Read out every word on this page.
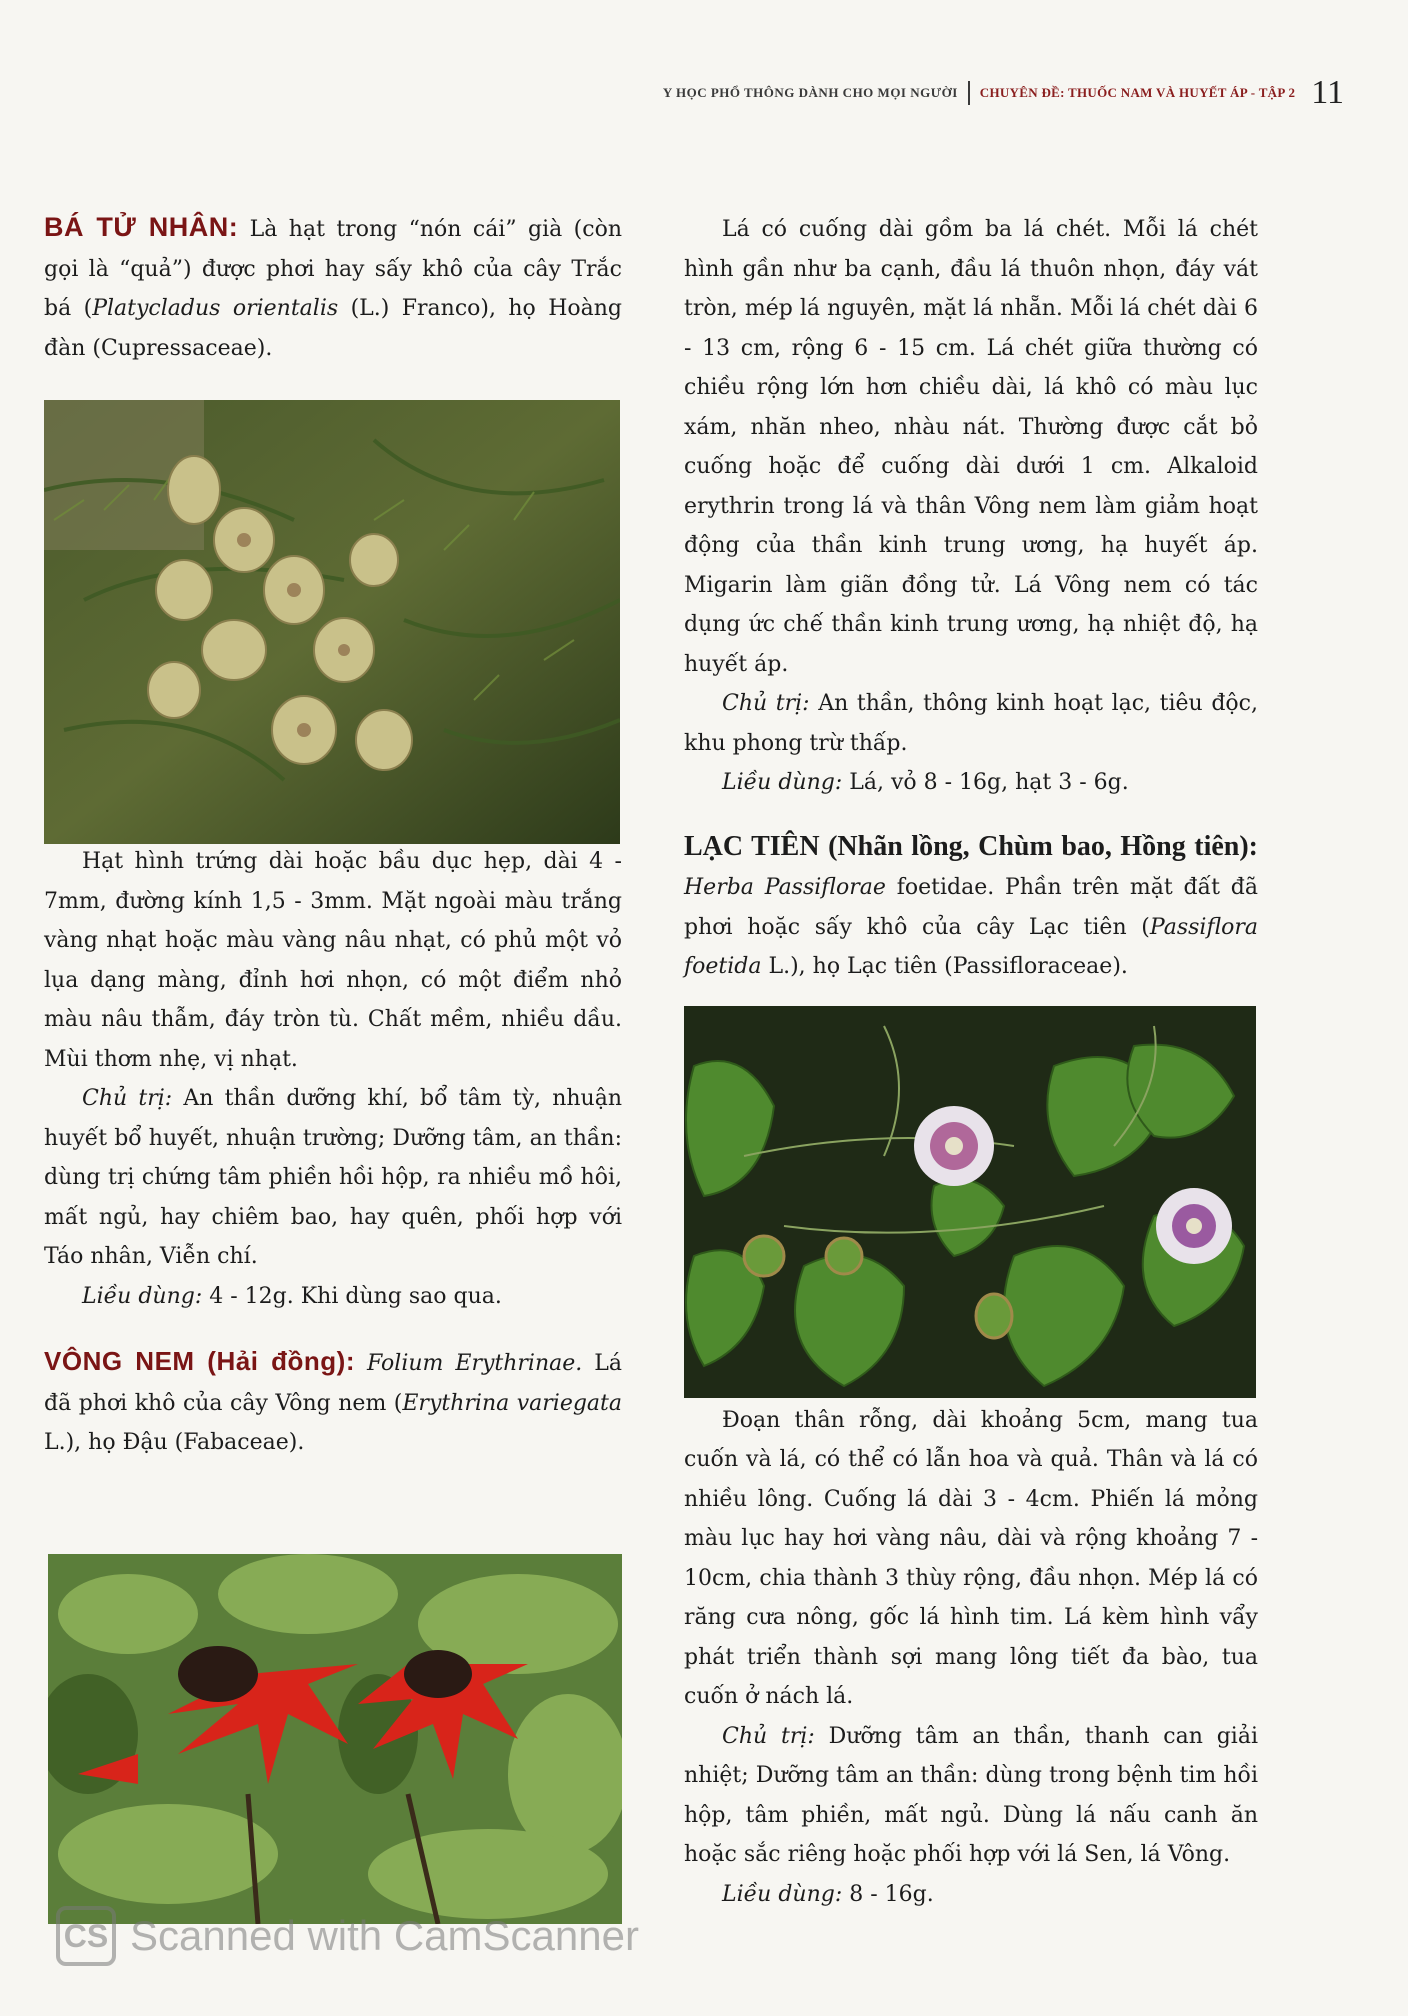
Y HỌC PHỔ THÔNG DÀNH CHO MỌI NGƯỜI CHUYÊN ĐỀ: THUỐC NAM VÀ HUYẾT ÁP - TẬP 2 11

BÁ TỬ NHÂN: Là hạt trong “nón cái” già (còn gọi là “quả”) được phơi hay sấy khô của cây Trắc bá (Platycladus orientalis (L.) Franco), họ Hoàng đàn (Cupressaceae).

Hạt hình trứng dài hoặc bầu dục hẹp, dài 4 - 7mm, đường kính 1,5 - 3mm. Mặt ngoài màu trắng vàng nhạt hoặc màu vàng nâu nhạt, có phủ một vỏ lụa dạng màng, đỉnh hơi nhọn, có một điểm nhỏ màu nâu thẫm, đáy tròn tù. Chất mềm, nhiều dầu. Mùi thơm nhẹ, vị nhạt.

Chủ trị: An thần dưỡng khí, bổ tâm tỳ, nhuận huyết bổ huyết, nhuận trường; Dưỡng tâm, an thần: dùng trị chứng tâm phiền hồi hộp, ra nhiều mồ hôi, mất ngủ, hay chiêm bao, hay quên, phối hợp với Táo nhân, Viễn chí.

Liều dùng: 4 - 12g. Khi dùng sao qua.

VÔNG NEM (Hải đồng): Folium Erythrinae. Lá đã phơi khô của cây Vông nem (Erythrina variegata L.), họ Đậu (Fabaceae).

Lá có cuống dài gồm ba lá chét. Mỗi lá chét hình gần như ba cạnh, đầu lá thuôn nhọn, đáy vát tròn, mép lá nguyên, mặt lá nhẵn. Mỗi lá chét dài 6 - 13 cm, rộng 6 - 15 cm. Lá chét giữa thường có chiều rộng lớn hơn chiều dài, lá khô có màu lục xám, nhăn nheo, nhàu nát. Thường được cắt bỏ cuống hoặc để cuống dài dưới 1 cm. Alkaloid erythrin trong lá và thân Vông nem làm giảm hoạt động của thần kinh trung ương, hạ huyết áp. Migarin làm giãn đồng tử. Lá Vông nem có tác dụng ức chế thần kinh trung ương, hạ nhiệt độ, hạ huyết áp.

Chủ trị: An thần, thông kinh hoạt lạc, tiêu độc, khu phong trừ thấp.

Liều dùng: Lá, vỏ 8 - 16g, hạt 3 - 6g.

LẠC TIÊN (Nhãn lồng, Chùm bao, Hồng tiên): Herba Passiflorae foetidae. Phần trên mặt đất đã phơi hoặc sấy khô của cây Lạc tiên (Passiflora foetida L.), họ Lạc tiên (Passifloraceae).

Đoạn thân rỗng, dài khoảng 5cm, mang tua cuốn và lá, có thể có lẫn hoa và quả. Thân và lá có nhiều lông. Cuống lá dài 3 - 4cm. Phiến lá mỏng màu lục hay hơi vàng nâu, dài và rộng khoảng 7 - 10cm, chia thành 3 thùy rộng, đầu nhọn. Mép lá có răng cưa nông, gốc lá hình tim. Lá kèm hình vẩy phát triển thành sợi mang lông tiết đa bào, tua cuốn ở nách lá.

Chủ trị: Dưỡng tâm an thần, thanh can giải nhiệt; Dưỡng tâm an thần: dùng trong bệnh tim hồi hộp, tâm phiền, mất ngủ. Dùng lá nấu canh ăn hoặc sắc riêng hoặc phối hợp với lá Sen, lá Vông.

Liều dùng: 8 - 16g.

CS Scanned with CamScanner
